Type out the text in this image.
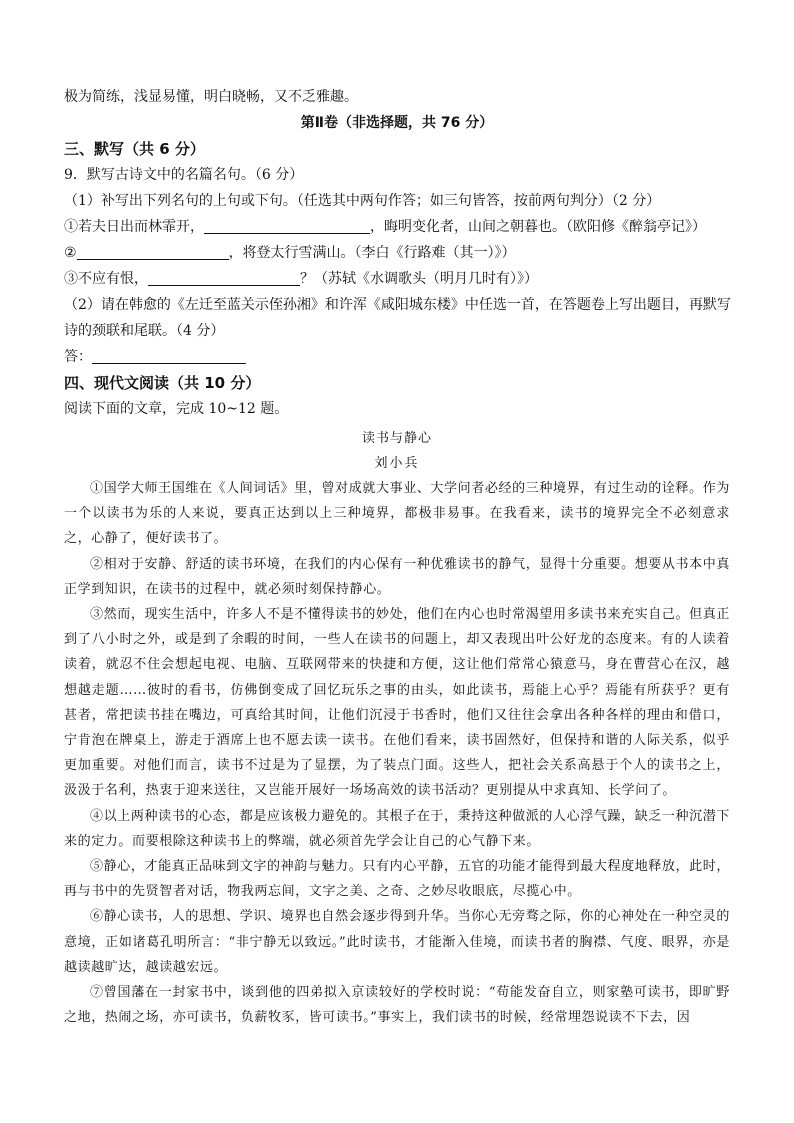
极为简练，浅显易懂，明白晓畅，又不乏雅趣。
第Ⅱ卷（非选择题，共 76 分）
三、默写（共 6 分）
9．默写古诗文中的名篇名句。（6 分）
（1）补写出下列名句的上句或下句。（任选其中两句作答；如三句皆答，按前两句判分）（2 分）
①若夫日出而林霏开，	，晦明变化者，山间之朝暮也。（欧阳修《醉翁亭记》）
②	，将登太行雪满山。（李白《行路难（其一）》）
③不应有恨，	？（苏轼《水调歌头（明月几时有）》）
（2）请在韩愈的《左迁至蓝关示侄孙湘》和许浑《咸阳城东楼》中任选一首，在答题卷上写出题目，再默写
诗的颈联和尾联。（4 分）
答：
四、现代文阅读（共 10 分）
阅读下面的文章，完成 10~12 题。
读书与静心
刘小兵
①国学大师王国维在《人间词话》里，曾对成就大事业、大学问者必经的三种境界，有过生动的诠释。作为一个以读书为乐的人来说，要真正达到以上三种境界，都极非易事。在我看来，读书的境界完全不必刻意求之，心静了，便好读书了。
②相对于安静、舒适的读书环境，在我们的内心保有一种优雅读书的静气，显得十分重要。想要从书本中真正学到知识，在读书的过程中，就必须时刻保持静心。
③然而，现实生活中，许多人不是不懂得读书的妙处，他们在内心也时常渴望用多读书来充实自己。但真正到了八小时之外，或是到了余暇的时间，一些人在读书的问题上，却又表现出叶公好龙的态度来。有的人读着读着，就忍不住会想起电视、电脑、互联网带来的快捷和方便，这让他们常常心猿意马，身在曹营心在汉，越想越走题……彼时的看书，仿佛倒变成了回忆玩乐之事的由头，如此读书，焉能上心乎？焉能有所获乎？更有甚者，常把读书挂在嘴边，可真给其时间，让他们沉浸于书香时，他们又往往会拿出各种各样的理由和借口，宁肯泡在牌桌上，游走于酒席上也不愿去读一读书。在他们看来，读书固然好，但保持和谐的人际关系，似乎更加重要。对他们而言，读书不过是为了显摆，为了装点门面。这些人，把社会关系高悬于个人的读书之上，汲汲于名利，热衷于迎来送往，又岂能开展好一场场高效的读书活动？更别提从中求真知、长学问了。
④以上两种读书的心态，都是应该极力避免的。其根子在于，秉持这种做派的人心浮气躁，缺乏一种沉潜下来的定力。而要根除这种读书上的弊端，就必须首先学会让自己的心气静下来。
⑤静心，才能真正品味到文字的神韵与魅力。只有内心平静，五官的功能才能得到最大程度地释放，此时，再与书中的先贤智者对话，物我两忘间，文字之美、之奇、之妙尽收眼底，尽揽心中。
⑥静心读书，人的思想、学识、境界也自然会逐步得到升华。当你心无旁骛之际，你的心神处在一种空灵的意境，正如诸葛孔明所言：“非宁静无以致远。”此时读书，才能渐入佳境，而读书者的胸襟、气度、眼界，亦是越读越旷达，越读越宏远。
⑦曾国藩在一封家书中，谈到他的四弟拟入京读较好的学校时说：“苟能发奋自立，则家塾可读书，即旷野之地，热闹之场，亦可读书，负薪牧豕，皆可读书。”事实上，我们读书的时候，经常埋怨说读不下去，因
